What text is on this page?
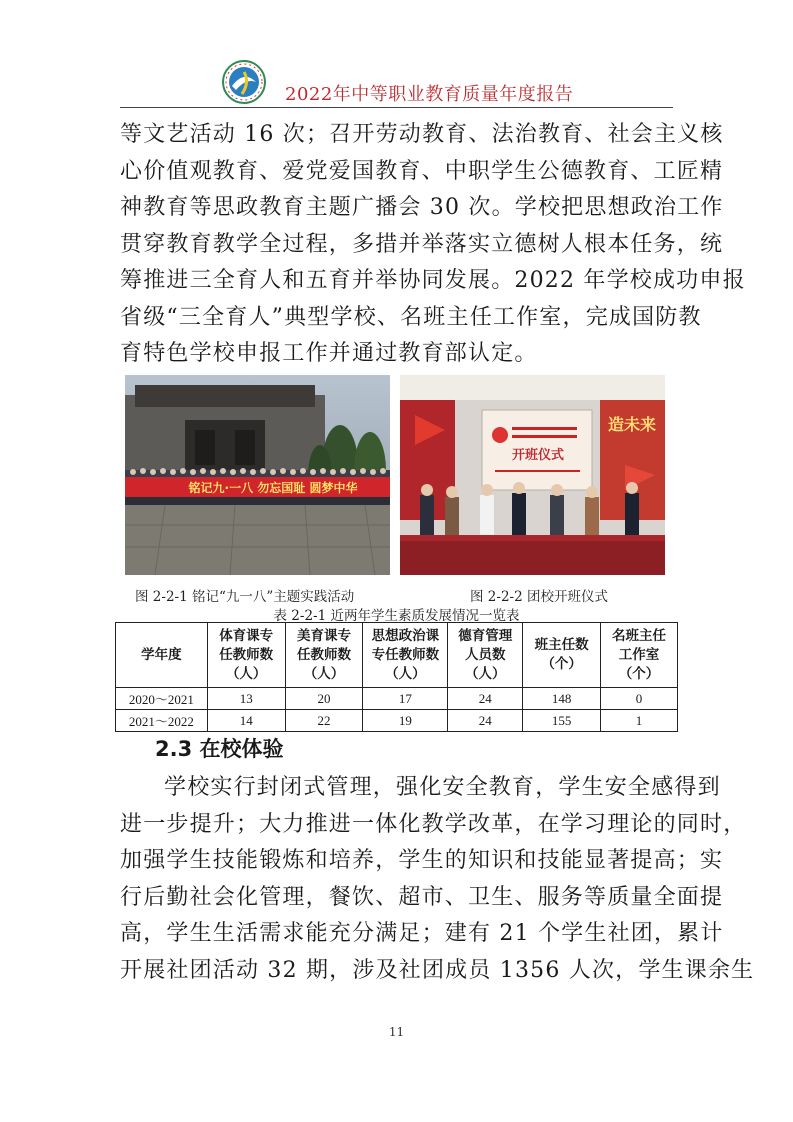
2022年中等职业教育质量年度报告
等文艺活动 16 次；召开劳动教育、法治教育、社会主义核
心价值观教育、爱党爱国教育、中职学生公德教育、工匠精
神教育等思政教育主题广播会 30 次。学校把思想政治工作
贯穿教育教学全过程，多措并举落实立德树人根本任务，统
筹推进三全育人和五育并举协同发展。2022 年学校成功申报
省级“三全育人”典型学校、名班主任工作室，完成国防教
育特色学校申报工作并通过教育部认定。
铭记九·一八 勿忘国耻 圆梦中华
造未来
开班仪式
图 2-2-1 铭记“九一八”主题实践活动	图 2-2-2 团校开班仪式
表 2-2-1 近两年学生素质发展情况一览表
学年度	体育课专
任教师数
（人）	美育课专
任教师数
（人）	思想政治课
专任教师数
（人）	德育管理
人员数
（人）	班主任数
（个）	名班主任
工作室
（个）
2020～2021	13	20	17	24	148	0
2021～2022	14	22	19	24	155	1
2.3 在校体验
学校实行封闭式管理，强化安全教育，学生安全感得到
进一步提升；大力推进一体化教学改革，在学习理论的同时，
加强学生技能锻炼和培养，学生的知识和技能显著提高；实
行后勤社会化管理，餐饮、超市、卫生、服务等质量全面提
高，学生生活需求能充分满足；建有 21 个学生社团，累计
开展社团活动 32 期，涉及社团成员 1356 人次，学生课余生
11
